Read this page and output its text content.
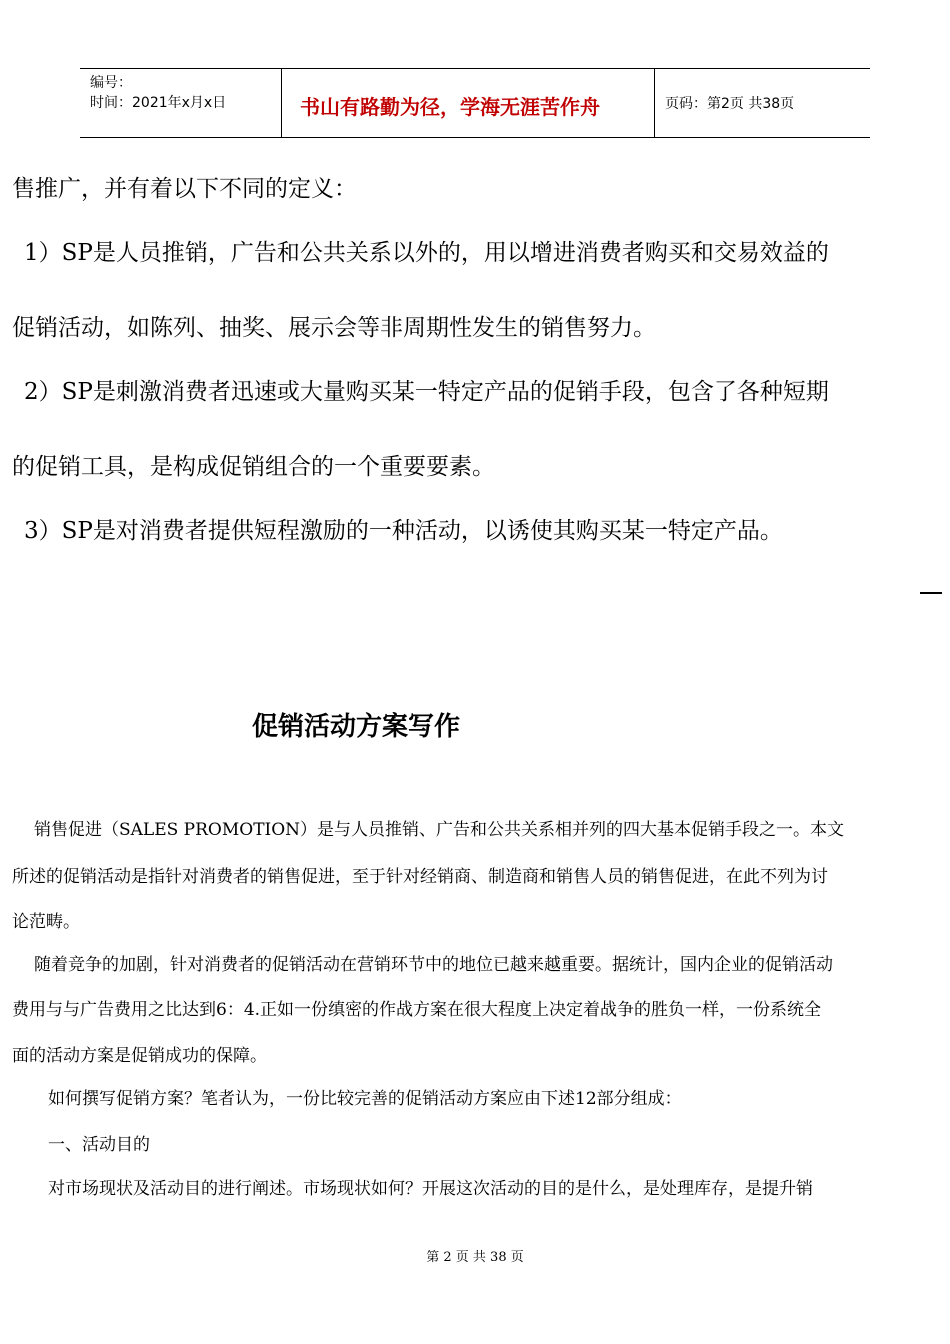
编号：
时间：2021年x月x日	书山有路勤为径，学海无涯苦作舟	页码：第2页 共38页
售推广，并有着以下不同的定义：
1）SP是人员推销，广告和公共关系以外的，用以增进消费者购买和交易效益的
促销活动，如陈列、抽奖、展示会等非周期性发生的销售努力。
2）SP是刺激消费者迅速或大量购买某一特定产品的促销手段，包含了各种短期
的促销工具，是构成促销组合的一个重要要素。
3）SP是对消费者提供短程激励的一种活动，以诱使其购买某一特定产品。
促销活动方案写作
销售促进（SALES PROMOTION）是与人员推销、广告和公共关系相并列的四大基本促销手段之一。本文
所述的促销活动是指针对消费者的销售促进，至于针对经销商、制造商和销售人员的销售促进，在此不列为讨
论范畴。
随着竞争的加剧，针对消费者的促销活动在营销环节中的地位已越来越重要。据统计，国内企业的促销活动
费用与与广告费用之比达到6：4.正如一份缜密的作战方案在很大程度上决定着战争的胜负一样，一份系统全
面的活动方案是促销成功的保障。
如何撰写促销方案？笔者认为，一份比较完善的促销活动方案应由下述12部分组成：
一、活动目的
对市场现状及活动目的进行阐述。市场现状如何？开展这次活动的目的是什么，是处理库存，是提升销
第 2 页 共 38 页
